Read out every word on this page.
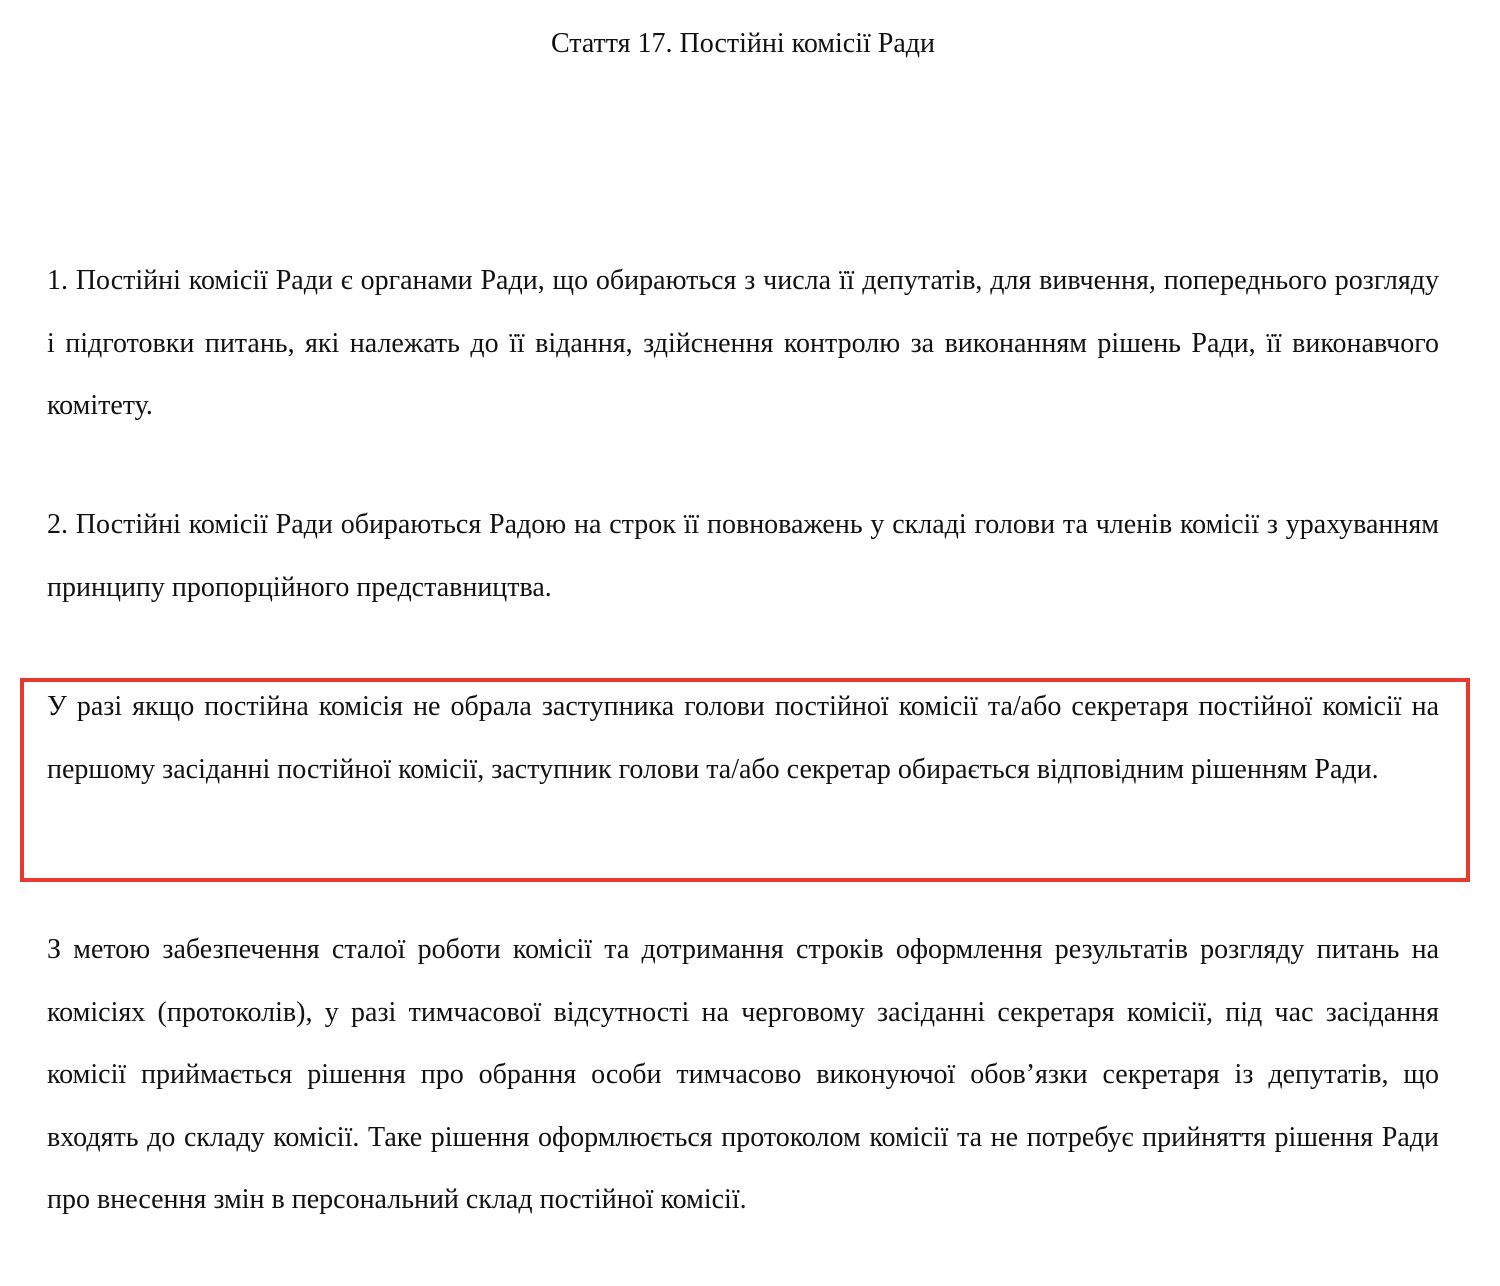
Стаття 17. Постійні комісії Ради

1. Постійні комісії Ради є органами Ради, що обираються з числа її депутатів, для вивчення, попереднього розгляду і підготовки питань, які належать до її відання, здійснення контролю за виконанням рішень Ради, її виконавчого комітету.

2. Постійні комісії Ради обираються Радою на строк її повноважень у складі голови та членів комісії з урахуванням принципу пропорційного представництва.

У разі якщо постійна комісія не обрала заступника голови постійної комісії та/або секретаря постійної комісії на першому засіданні постійної комісії, заступник голови та/або секретар обирається відповідним рішенням Ради.

З метою забезпечення сталої роботи комісії та дотримання строків оформлення результатів розгляду питань на комісіях (протоколів), у разі тимчасової відсутності на черговому засіданні секретаря комісії, під час засідання комісії приймається рішення про обрання особи тимчасово виконуючої обов’язки секретаря із депутатів, що входять до складу комісії. Таке рішення оформлюється протоколом комісії та не потребує прийняття рішення Ради про внесення змін в персональний склад постійної комісії.
